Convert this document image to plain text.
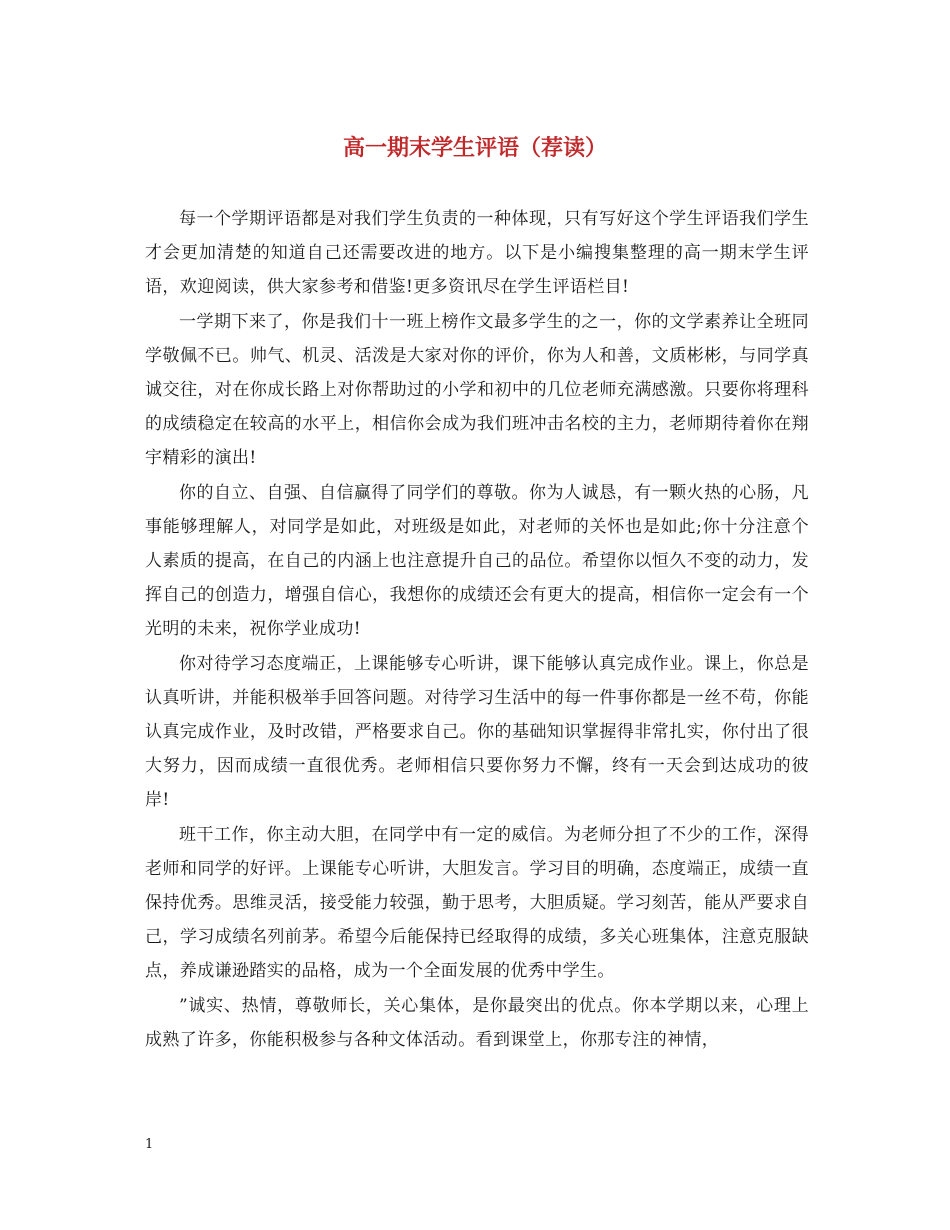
高一期末学生评语（荐读）

每一个学期评语都是对我们学生负责的一种体现，只有写好这个学生评语我们学生才会更加清楚的知道自己还需要改进的地方。以下是小编搜集整理的高一期末学生评语，欢迎阅读，供大家参考和借鉴!更多资讯尽在学生评语栏目!

一学期下来了，你是我们十一班上榜作文最多学生的之一，你的文学素养让全班同学敬佩不已。帅气、机灵、活泼是大家对你的评价，你为人和善，文质彬彬，与同学真诚交往，对在你成长路上对你帮助过的小学和初中的几位老师充满感激。只要你将理科的成绩稳定在较高的水平上，相信你会成为我们班冲击名校的主力，老师期待着你在翔宇精彩的演出!

你的自立、自强、自信赢得了同学们的尊敬。你为人诚恳，有一颗火热的心肠，凡事能够理解人，对同学是如此，对班级是如此，对老师的关怀也是如此;你十分注意个人素质的提高，在自己的内涵上也注意提升自己的品位。希望你以恒久不变的动力，发挥自己的创造力，增强自信心，我想你的成绩还会有更大的提高，相信你一定会有一个光明的未来，祝你学业成功!

你对待学习态度端正，上课能够专心听讲，课下能够认真完成作业。课上，你总是认真听讲，并能积极举手回答问题。对待学习生活中的每一件事你都是一丝不苟，你能认真完成作业，及时改错，严格要求自己。你的基础知识掌握得非常扎实，你付出了很大努力，因而成绩一直很优秀。老师相信只要你努力不懈，终有一天会到达成功的彼岸!

班干工作，你主动大胆，在同学中有一定的威信。为老师分担了不少的工作，深得老师和同学的好评。上课能专心听讲，大胆发言。学习目的明确，态度端正，成绩一直保持优秀。思维灵活，接受能力较强，勤于思考，大胆质疑。学习刻苦，能从严要求自己，学习成绩名列前茅。希望今后能保持已经取得的成绩，多关心班集体，注意克服缺点，养成谦逊踏实的品格，成为一个全面发展的优秀中学生。

”诚实、热情，尊敬师长，关心集体，是你最突出的优点。你本学期以来，心理上成熟了许多，你能积极参与各种文体活动。看到课堂上，你那专注的神情，

1
